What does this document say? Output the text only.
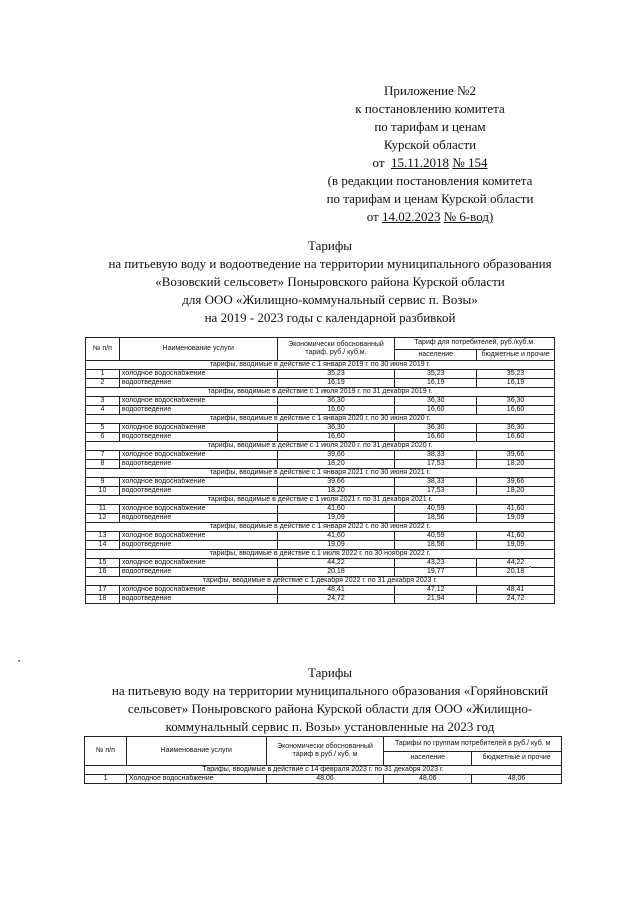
Приложение №2
к постановлению комитета
по тарифам и ценам
Курской области
от 15.11.2018 № 154
(в редакции постановления комитета
по тарифам и ценам Курской области
от 14.02.2023 № 6-вод)
Тарифы
на питьевую воду и водоотведение на территории муниципального образования
«Возовский сельсовет» Поныровского района Курской области
для ООО «Жилищно-коммунальный сервис п. Возы»
на 2019 - 2023 годы с календарной разбивкой
№ п/п	Наименование услуги	Экономически обоснованный тариф, руб./ куб.м.	Тариф для потребителей, руб./куб.м.	
			население	бюджетные и прочие
тарифы, вводимые в действие с 1 января 2019 г. по 30 июня 2019 г.				
1	холодное водоснабжение	35,23	35,23	35,23
2	водоотведение	16,19	16,19	16,19
тарифы, вводимые в действие с 1 июля 2019 г. по 31 декабря 2019 г.				
3	холодное водоснабжение	36,30	36,30	36,30
4	водоотведение	16,60	16,60	16,60
тарифы, вводимые в действие с 1 января 2020 г. по 30 июня 2020 г.				
5	холодное водоснабжение	36,30	36,30	36,30
6	водоотведение	16,60	16,60	16,60
тарифы, вводимые в действие с 1 июля 2020 г. по 31 декабря 2020 г.				
7	холодное водоснабжение	39,66	38,33	39,66
8	водоотведение	18,20	17,53	18,20
тарифы, вводимые в действие с 1 января 2021 г. по 30 июня 2021 г.				
9	холодное водоснабжение	39,66	38,33	39,66
10	водоотведение	18,20	17,53	18,20
тарифы, вводимые в действие с 1 июля 2021 г. по 31 декабря 2021 г.				
11	холодное водоснабжение	41,60	40,59	41,60
12	водоотведение	19,09	18,56	19,09
тарифы, вводимые в действие с 1 января 2022 г. по 30 июня 2022 г.				
13	холодное водоснабжение	41,60	40,59	41,60
14	водоотведение	19,09	18,56	19,09
тарифы, вводимые в действие с 1 июля 2022 г. по 30 ноября 2022 г.				
15	холодное водоснабжение	44,22	43,23	44,22
16	водоотведение	20,18	19,77	20,18
тарифы, вводимые в действие с 1 декабря 2022 г. по 31 декабря 2023 г.				
17	холодное водоснабжение	48,41	47,12	48,41
18	водоотведение	24,72	21,94	24,72
Тарифы
на питьевую воду на территории муниципального образования «Горяйновский
сельсовет» Поныровского района Курской области для ООО «Жилищно-
коммунальный сервис п. Возы» установленные на 2023 год
№ п/п	Наименование услуги	Экономически обоснованный тариф в руб./ куб. м	Тарифы по группам потребителей в руб./ куб. м	
			население	бюджетные и прочие
Тарифы, вводимые в действие с 14 февраля 2023 г. по 31 декабря 2023 г.				
1	Холодное водоснабжение	48,06	48,06	48,06
